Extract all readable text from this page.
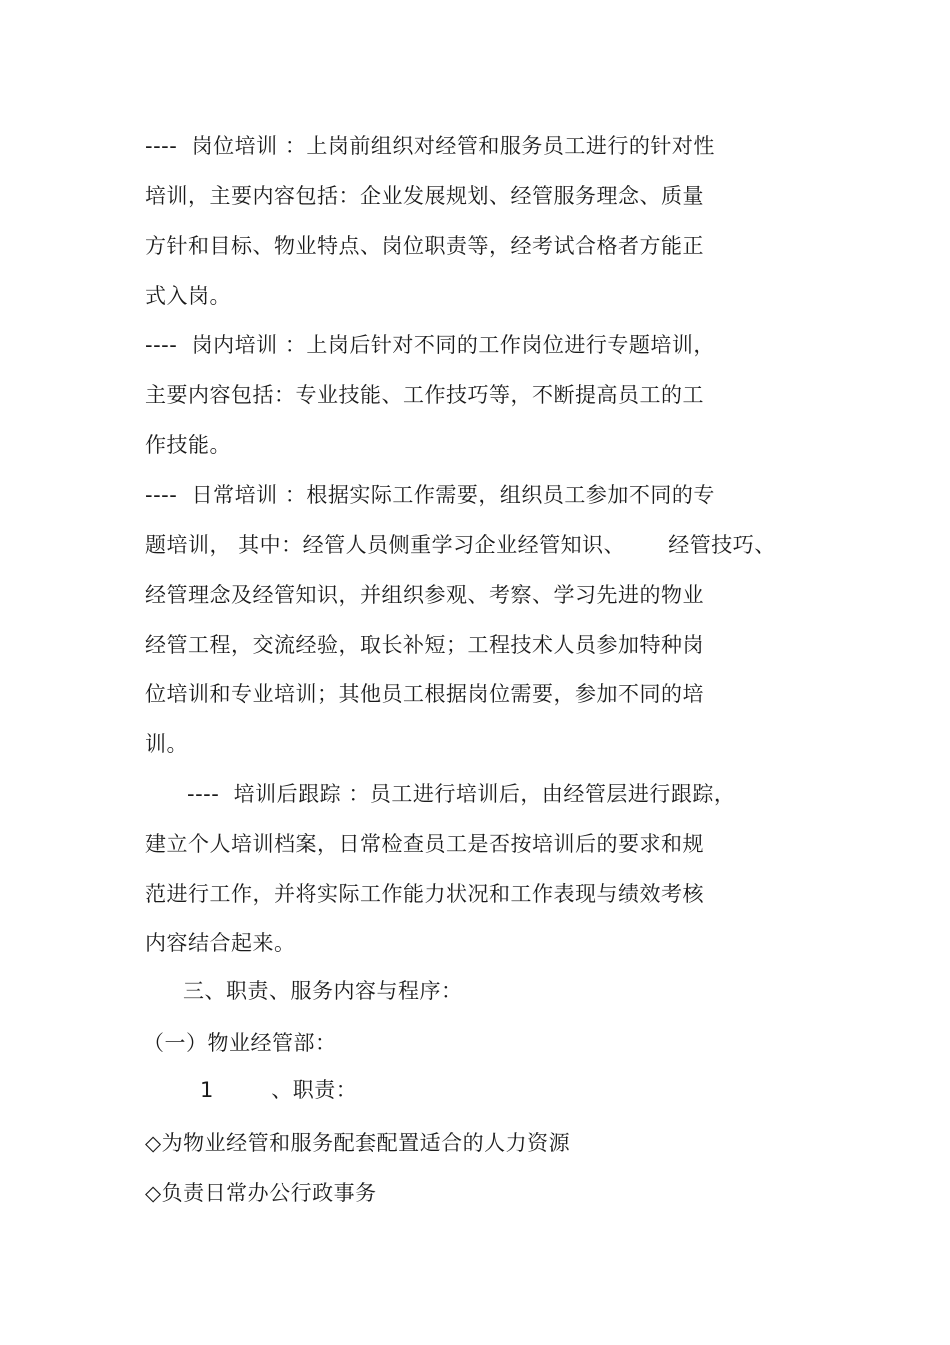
----  岗位培训 ：上岗前组织对经管和服务员工进行的针对性
培训，主要内容包括：企业发展规划、经管服务理念、质量
方针和目标、物业特点、岗位职责等，经考试合格者方能正
式入岗。
----  岗内培训 ：上岗后针对不同的工作岗位进行专题培训，
主要内容包括：专业技能、工作技巧等，不断提高员工的工
作技能。
----  日常培训 ：根据实际工作需要，组织员工参加不同的专
题培训， 其中：经管人员侧重学习企业经管知识、      经管技巧、
经管理念及经管知识，并组织参观、考察、学习先进的物业
经管工程，交流经验，取长补短；工程技术人员参加特种岗
位培训和专业培训；其他员工根据岗位需要，参加不同的培
训。
----  培训后跟踪 ：员工进行培训后，由经管层进行跟踪，
建立个人培训档案，日常检查员工是否按培训后的要求和规
范进行工作，并将实际工作能力状况和工作表现与绩效考核
内容结合起来。
三、职责、服务内容与程序：
（一）物业经管部：
1        、职责：
◇为物业经管和服务配套配置适合的人力资源
◇负责日常办公行政事务
